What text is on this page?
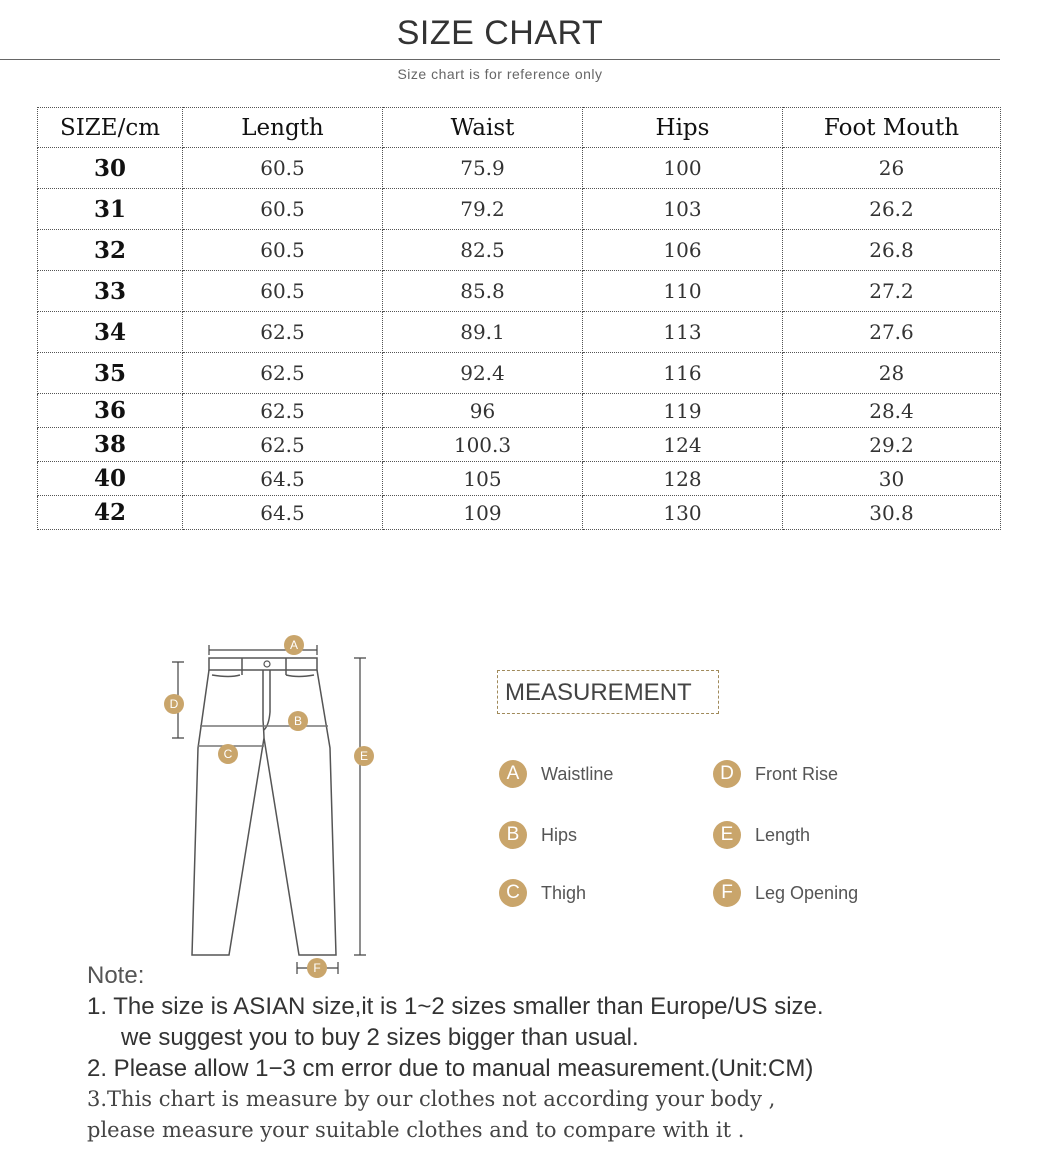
SIZE CHART
Size chart is for reference only
SIZE/cm	Length	Waist	Hips	Foot Mouth
30	60.5	75.9	100	26
31	60.5	79.2	103	26.2
32	60.5	82.5	106	26.8
33	60.5	85.8	110	27.2
34	62.5	89.1	113	27.6
35	62.5	92.4	116	28
36	62.5	96	119	28.4
38	62.5	100.3	124	29.2
40	64.5	105	128	30
42	64.5	109	130	30.8
A
B
C
D
E
F
MEASUREMENT
A	Waistline	D	Front Rise
B	Hips	E	Length
C	Thigh	F	Leg Opening
Note:
1. The size is ASIAN size,it is 1~2 sizes smaller than Europe/US size.
we suggest you to buy 2 sizes bigger than usual.
2. Please allow 1−3 cm error due to manual measurement.(Unit:CM)
3.This chart is measure by our clothes not according your body ,
please measure your suitable clothes and to compare with it .
